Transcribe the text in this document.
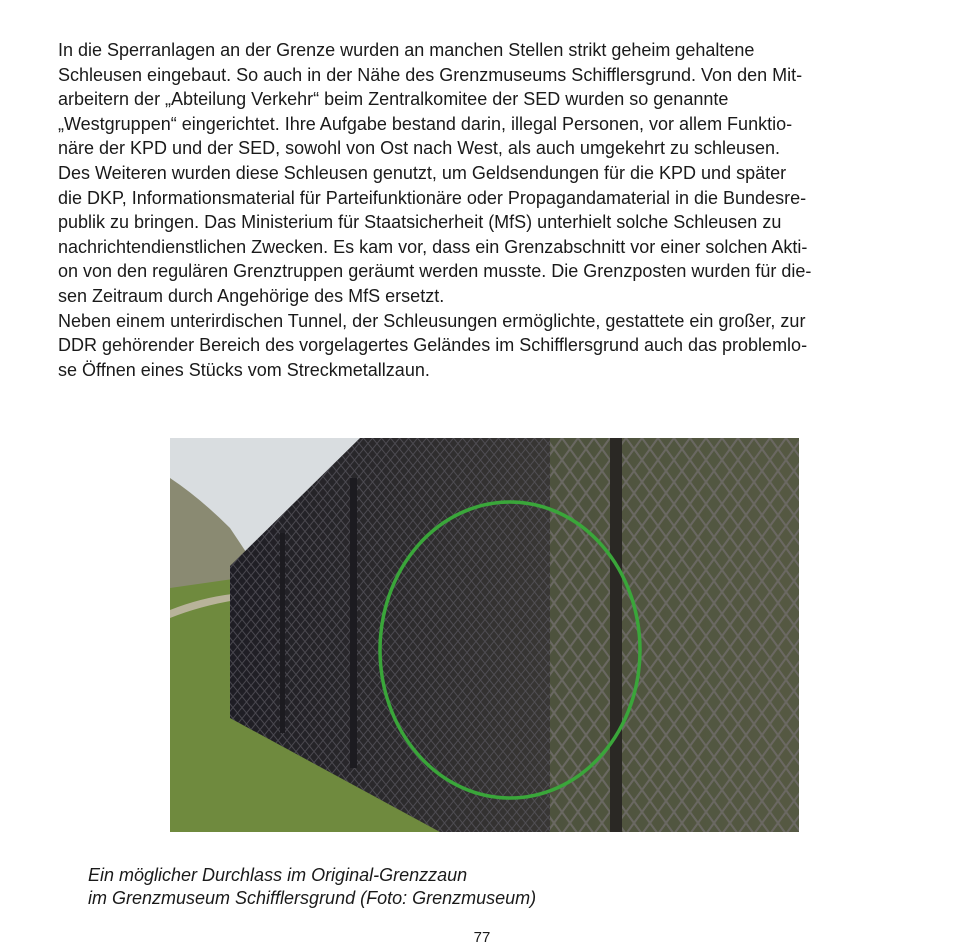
In die Sperranlagen an der Grenze wurden an manchen Stellen strikt geheim gehaltene
Schleusen eingebaut. So auch in der Nähe des Grenzmuseums Schifflersgrund. Von den Mit-
arbeitern der „Abteilung Verkehr“ beim Zentralkomitee der SED wurden so genannte
„Westgruppen“ eingerichtet. Ihre Aufgabe bestand darin, illegal Personen, vor allem Funktio-
näre der KPD und der SED, sowohl von Ost nach West, als auch umgekehrt zu schleusen.
Des Weiteren wurden diese Schleusen genutzt, um Geldsendungen für die KPD und später
die DKP, Informationsmaterial für Parteifunktionäre oder Propagandamaterial in die Bundesre-
publik zu bringen. Das Ministerium für Staatsicherheit (MfS) unterhielt solche Schleusen zu
nachrichtendienstlichen Zwecken. Es kam vor, dass ein Grenzabschnitt vor einer solchen Akti-
on von den regulären Grenztruppen geräumt werden musste. Die Grenzposten wurden für die-
sen Zeitraum durch Angehörige des MfS ersetzt.
Neben einem unterirdischen Tunnel, der Schleusungen ermöglichte, gestattete ein großer, zur
DDR gehörender Bereich des vorgelagertes Geländes im Schifflersgrund auch das problemlo-
se Öffnen eines Stücks vom Streckmetallzaun.

Ein möglicher Durchlass im Original-Grenzzaun
im Grenzmuseum Schifflersgrund (Foto: Grenzmuseum)

77
